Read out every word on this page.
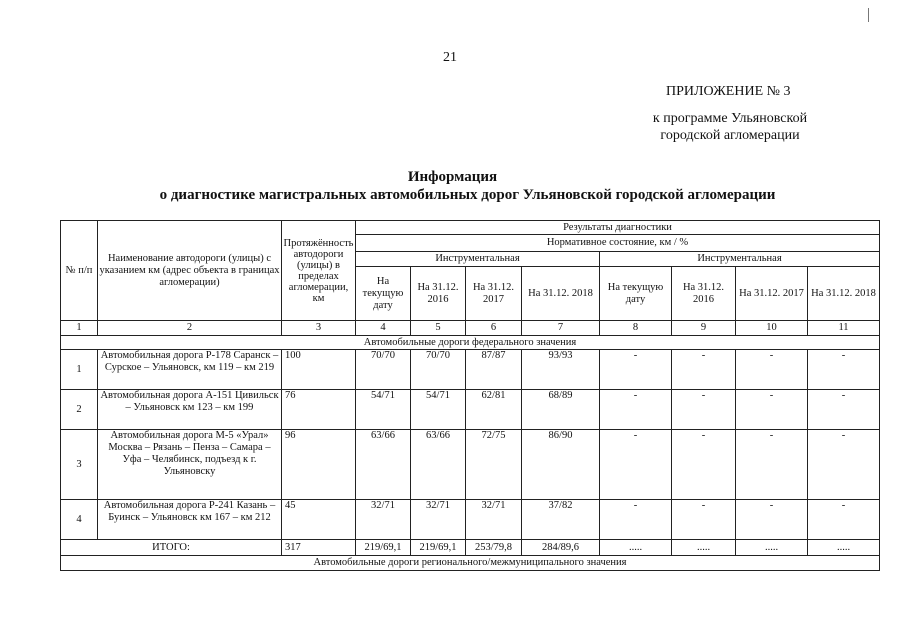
21
ПРИЛОЖЕНИЕ № 3
к программе Ульяновской
городской агломерации
Информация

о диагностике магистральных автомобильных дорог Ульяновской городской агломерации
№ п/п	Наименование автодороги (улицы) с указанием км (адрес объекта в границах агломерации)	Протяжённость автодороги (улицы) в пределах агломерации, км	Результаты диагностики							
			Нормативное состояние, км / %							
			Инструментальная				Инструментальная			
			На текущую дату	На 31.12. 2016	На 31.12. 2017	На 31.12. 2018	На текущую дату	На 31.12. 2016	На 31.12. 2017	На 31.12. 2018
1	2	3	4	5	6	7	8	9	10	11
Автомобильные дороги федерального значения										
1	Автомобильная дорога Р-178 Саранск – Сурское – Ульяновск, км 119 – км 219	100	70/70	70/70	87/87	93/93	-	-	-	-
2	Автомобильная дорога А-151 Цивильск – Ульяновск км 123 – км 199	76	54/71	54/71	62/81	68/89	-	-	-	-
3	Автомобильная дорога М-5 «Урал» Москва – Рязань – Пенза – Самара – Уфа – Челябинск, подъезд к г. Ульяновску	96	63/66	63/66	72/75	86/90	-	-	-	-
4	Автомобильная дорога Р-241 Казань – Буинск – Ульяновск км 167 – км 212	45	32/71	32/71	32/71	37/82	-	-	-	-
ИТОГО:		317	219/69,1	219/69,1	253/79,8	284/89,6	.....	.....	.....	.....
Автомобильные дороги регионального/межмуниципального значения										
